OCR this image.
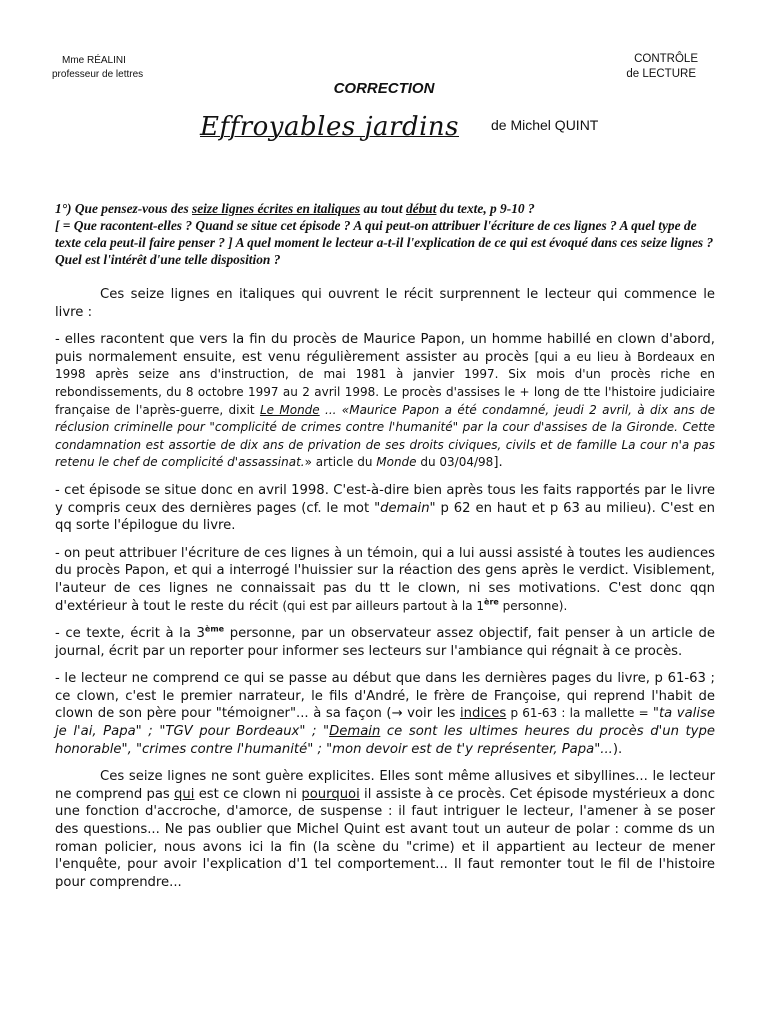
Mme RÉALINI
professeur de lettres
CONTRÔLE
de LECTURE
CORRECTION
Effroyables jardins de Michel QUINT
1°) Que pensez-vous des seize lignes écrites en italiques au tout début du texte, p 9-10 ?
[ = Que racontent-elles ? Quand se situe cet épisode ? A qui peut-on attribuer l'écriture de ces lignes ? A quel type de texte cela peut-il faire penser ? ] A quel moment le lecteur a-t-il l'explication de ce qui est évoqué dans ces seize lignes ? Quel est l'intérêt d'une telle disposition ?

Ces seize lignes en italiques qui ouvrent le récit surprennent le lecteur qui commence le livre :

- elles racontent que vers la fin du procès de Maurice Papon, un homme habillé en clown d'abord, puis normalement ensuite, est venu régulièrement assister au procès [qui a eu lieu à Bordeaux en 1998 après seize ans d'instruction, de mai 1981 à janvier 1997. Six mois d'un procès riche en rebondissements, du 8 octobre 1997 au 2 avril 1998. Le procès d'assises le + long de tte l'histoire judiciaire française de l'après-guerre, dixit Le Monde ... «Maurice Papon a été condamné, jeudi 2 avril, à dix ans de réclusion criminelle pour "complicité de crimes contre l'humanité" par la cour d'assises de la Gironde. Cette condamnation est assortie de dix ans de privation de ses droits civiques, civils et de famille La cour n'a pas retenu le chef de complicité d'assassinat.» article du Monde du 03/04/98].

- cet épisode se situe donc en avril 1998. C'est-à-dire bien après tous les faits rapportés par le livre y compris ceux des dernières pages (cf. le mot "demain" p 62 en haut et p 63 au milieu). C'est en qq sorte l'épilogue du livre.

- on peut attribuer l'écriture de ces lignes à un témoin, qui a lui aussi assisté à toutes les audiences du procès Papon, et qui a interrogé l'huissier sur la réaction des gens après le verdict. Visiblement, l'auteur de ces lignes ne connaissait pas du tt le clown, ni ses motivations. C'est donc qqn d'extérieur à tout le reste du récit (qui est par ailleurs partout à la 1ère personne).

- ce texte, écrit à la 3ème personne, par un observateur assez objectif, fait penser à un article de journal, écrit par un reporter pour informer ses lecteurs sur l'ambiance qui régnait à ce procès.

- le lecteur ne comprend ce qui se passe au début que dans les dernières pages du livre, p 61-63 ; ce clown, c'est le premier narrateur, le fils d'André, le frère de Françoise, qui reprend l'habit de clown de son père pour "témoigner"... à sa façon (→ voir les indices p 61-63 : la mallette = "ta valise je l'ai, Papa" ; "TGV pour Bordeaux" ; "Demain ce sont les ultimes heures du procès d'un type honorable", "crimes contre l'humanité" ; "mon devoir est de t'y représenter, Papa"...).

Ces seize lignes ne sont guère explicites. Elles sont même allusives et sibyllines... le lecteur ne comprend pas qui est ce clown ni pourquoi il assiste à ce procès. Cet épisode mystérieux a donc une fonction d'accroche, d'amorce, de suspense : il faut intriguer le lecteur, l'amener à se poser des questions... Ne pas oublier que Michel Quint est avant tout un auteur de polar : comme ds un roman policier, nous avons ici la fin (la scène du "crime) et il appartient au lecteur de mener l'enquête, pour avoir l'explication d'1 tel comportement... Il faut remonter tout le fil de l'histoire pour comprendre...
